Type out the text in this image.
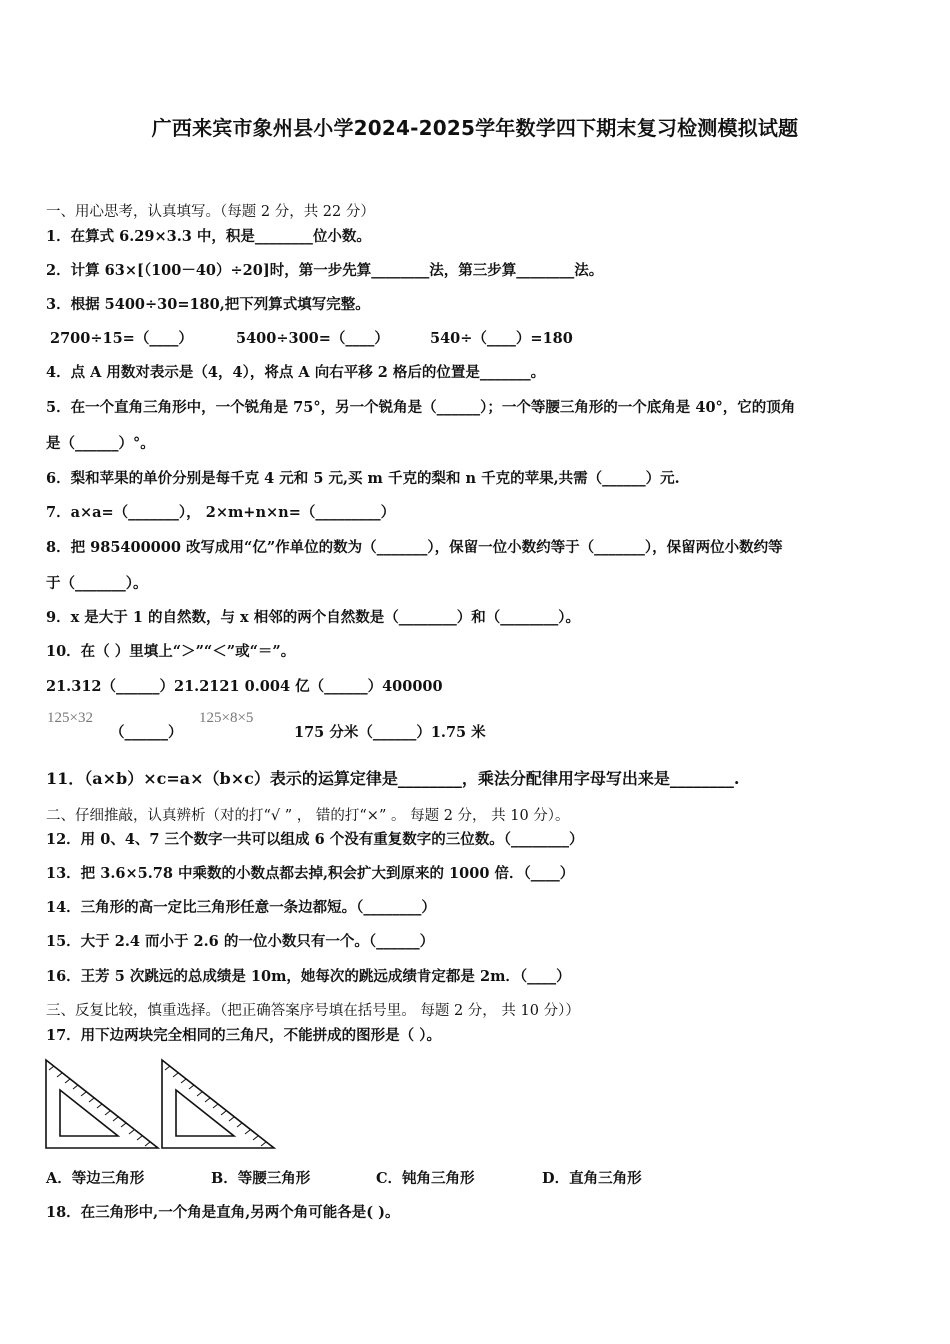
广西来宾市象州县小学2024-2025学年数学四下期末复习检测模拟试题
一、用心思考，认真填写。（每题 2 分，共 22 分）
1．在算式 6.29×3.3 中，积是________位小数。
2．计算 63×[（100－40）÷20]时，第一步先算________法，第三步算________法。
3．根据 5400÷30=180,把下列算式填写完整。
2700÷15=（____）	5400÷300=（____）	540÷（____）=180
4．点 A 用数对表示是（4，4），将点 A 向右平移 2 格后的位置是_______。
5．在一个直角三角形中，一个锐角是 75°，另一个锐角是（______）；一个等腰三角形的一个底角是 40°，它的顶角
是（______）°。
6．梨和苹果的单价分别是每千克 4 元和 5 元,买 m 千克的梨和 n 千克的苹果,共需（______）元.
7．a×a=（_______）， 2×m+n×n=（_________）
8．把 985400000 改写成用“亿”作单位的数为（_______），保留一位小数约等于（_______），保留两位小数约等
于（_______）。
9．x 是大于 1 的自然数，与 x 相邻的两个自然数是（________）和（________）。
10．在（ ）里填上“＞”“＜”或“＝”。
21.312（______）21.2121 0.004 亿（______）400000
125×32
（______）
125×8×5
175 分米（______）1.75 米
11．（a×b）×c=a×（b×c）表示的运算定律是________，乘法分配律用字母写出来是________.
二、仔细推敲，认真辨析（对的打“√ ” ， 错的打“×” 。 每题 2 分， 共 10 分）。
12．用 0、4、7 三个数字一共可以组成 6 个没有重复数字的三位数。（________）
13．把 3.6×5.78 中乘数的小数点都去掉,积会扩大到原来的 1000 倍．（____）
14．三角形的高一定比三角形任意一条边都短。（________）
15．大于 2.4 而小于 2.6 的一位小数只有一个。（______）
16．王芳 5 次跳远的总成绩是 10m，她每次的跳远成绩肯定都是 2m．（____）
三、反复比较，慎重选择。（把正确答案序号填在括号里。 每题 2 分， 共 10 分））
17．用下边两块完全相同的三角尺，不能拼成的图形是（ ）。
A．等边三角形	B．等腰三角形	C．钝角三角形	D．直角三角形
18．在三角形中,一个角是直角,另两个角可能各是( )。
